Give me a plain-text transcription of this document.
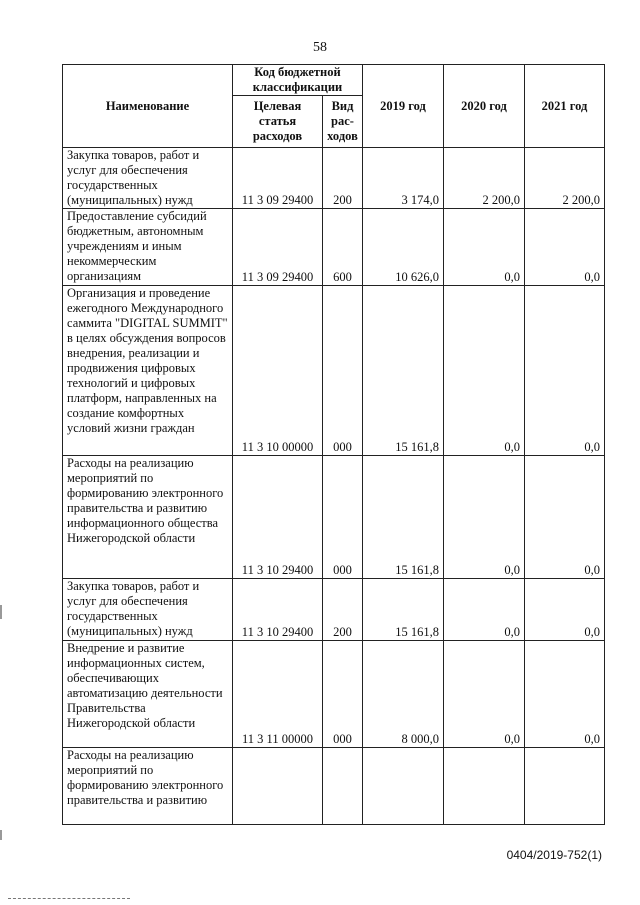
58
Наименование	Код бюджетной классификации		2019 год	2020 год	2021 год
	Целевая статья расходов	Вид рас-ходов			
Закупка товаров, работ и услуг для обеспечения государственных (муниципальных) нужд	11 3 09 29400	200	3 174,0	2 200,0	2 200,0
Предоставление субсидий бюджетным, автономным учреждениям и иным некоммерческим организациям	11 3 09 29400	600	10 626,0	0,0	0,0
Организация и проведение ежегодного Международного саммита "DIGITAL SUMMIT" в целях обсуждения вопросов внедрения, реализации и продвижения цифровых технологий и цифровых платформ, направленных на создание комфортных условий жизни граждан	11 3 10 00000	000	15 161,8	0,0	0,0
Расходы на реализацию мероприятий по формированию электронного правительства и развитию информационного общества Нижегородской области	11 3 10 29400	000	15 161,8	0,0	0,0
Закупка товаров, работ и услуг для обеспечения государственных (муниципальных) нужд	11 3 10 29400	200	15 161,8	0,0	0,0
Внедрение и развитие информационных систем, обеспечивающих автоматизацию деятельности Правительства Нижегородской области	11 3 11 00000	000	8 000,0	0,0	0,0
Расходы на реализацию мероприятий по формированию электронного правительства и развитию					
0404/2019-752(1)
